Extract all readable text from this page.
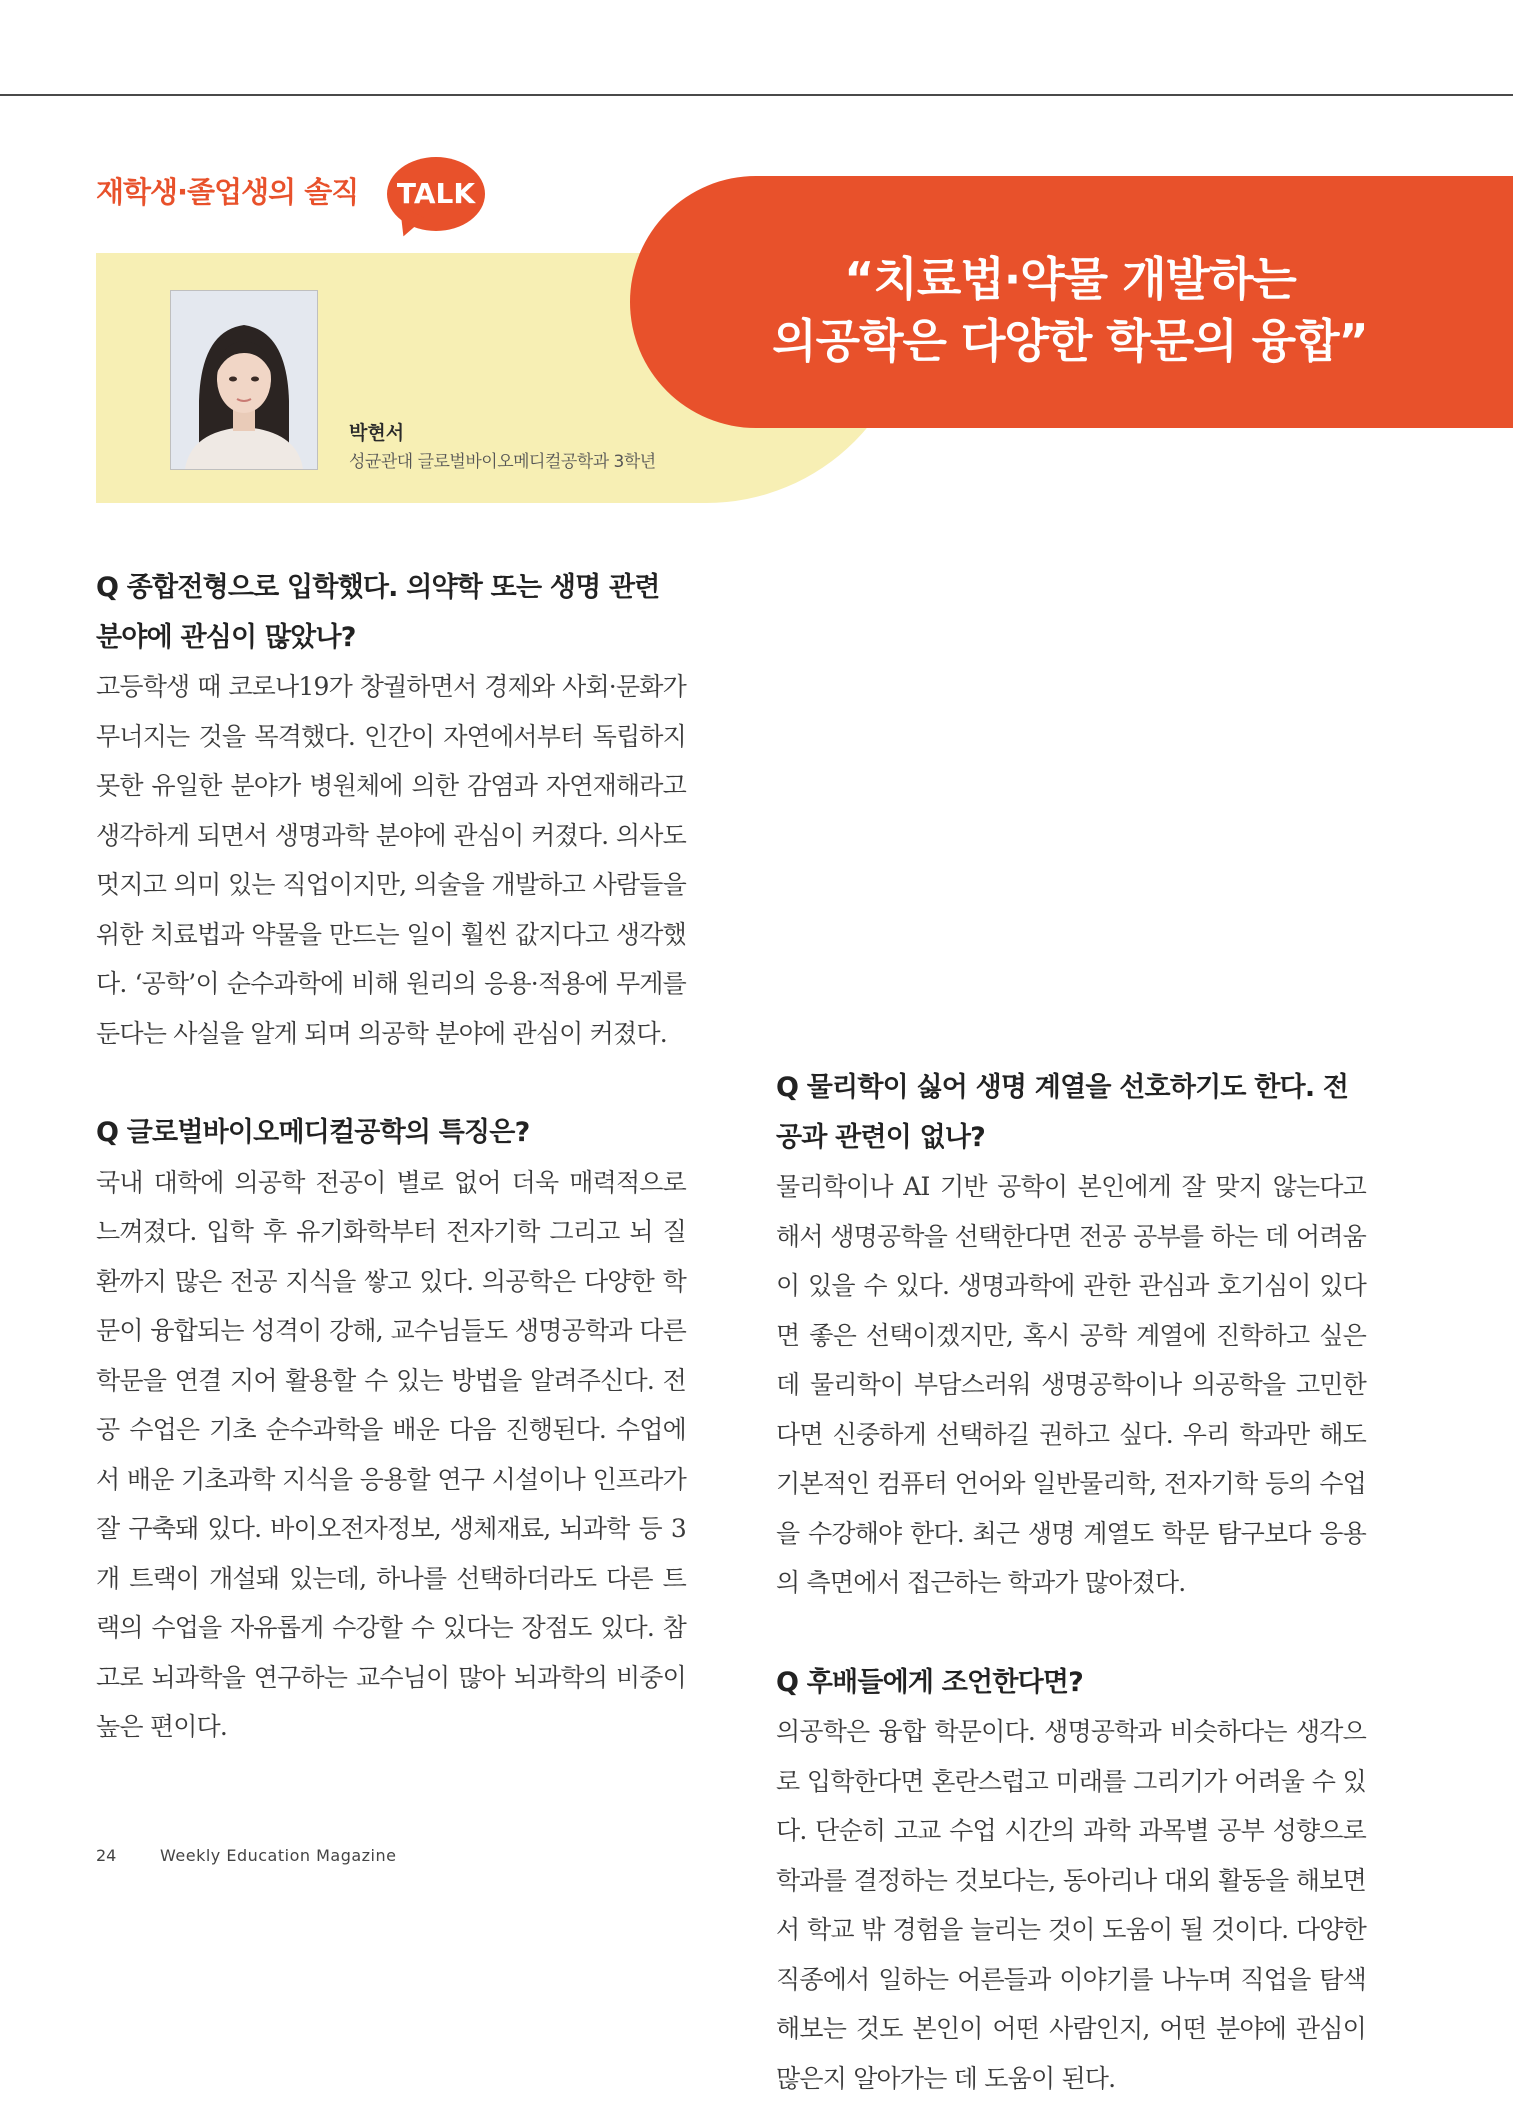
재학생·졸업생의 솔직	TALK
“치료법·약물 개발하는
의공학은 다양한 학문의 융합”
박현서
성균관대 글로벌바이오메디컬공학과 3학년

Q 종합전형으로 입학했다. 의약학 또는 생명 관련 분야에 관심이 많았나?

고등학생 때 코로나19가 창궐하면서 경제와 사회·문화가 무너지는 것을 목격했다. 인간이 자연에서부터 독립하지 못한 유일한 분야가 병원체에 의한 감염과 자연재해라고 생각하게 되면서 생명과학 분야에 관심이 커졌다. 의사도 멋지고 의미 있는 직업이지만, 의술을 개발하고 사람들을 위한 치료법과 약물을 만드는 일이 훨씬 값지다고 생각했다. ‘공학’이 순수과학에 비해 원리의 응용·적용에 무게를 둔다는 사실을 알게 되며 의공학 분야에 관심이 커졌다.

Q 글로벌바이오메디컬공학의 특징은?

국내 대학에 의공학 전공이 별로 없어 더욱 매력적으로 느껴졌다. 입학 후 유기화학부터 전자기학 그리고 뇌 질환까지 많은 전공 지식을 쌓고 있다. 의공학은 다양한 학문이 융합되는 성격이 강해, 교수님들도 생명공학과 다른 학문을 연결 지어 활용할 수 있는 방법을 알려주신다. 전공 수업은 기초 순수과학을 배운 다음 진행된다. 수업에서 배운 기초과학 지식을 응용할 연구 시설이나 인프라가 잘 구축돼 있다. 바이오전자정보, 생체재료, 뇌과학 등 3개 트랙이 개설돼 있는데, 하나를 선택하더라도 다른 트랙의 수업을 자유롭게 수강할 수 있다는 장점도 있다. 참고로 뇌과학을 연구하는 교수님이 많아 뇌과학의 비중이 높은 편이다.

Q 물리학이 싫어 생명 계열을 선호하기도 한다. 전공과 관련이 없나?

물리학이나 AI 기반 공학이 본인에게 잘 맞지 않는다고 해서 생명공학을 선택한다면 전공 공부를 하는 데 어려움이 있을 수 있다. 생명과학에 관한 관심과 호기심이 있다면 좋은 선택이겠지만, 혹시 공학 계열에 진학하고 싶은데 물리학이 부담스러워 생명공학이나 의공학을 고민한다면 신중하게 선택하길 권하고 싶다. 우리 학과만 해도 기본적인 컴퓨터 언어와 일반물리학, 전자기학 등의 수업을 수강해야 한다. 최근 생명 계열도 학문 탐구보다 응용의 측면에서 접근하는 학과가 많아졌다.

Q 후배들에게 조언한다면?

의공학은 융합 학문이다. 생명공학과 비슷하다는 생각으로 입학한다면 혼란스럽고 미래를 그리기가 어려울 수 있다. 단순히 고교 수업 시간의 과학 과목별 공부 성향으로 학과를 결정하는 것보다는, 동아리나 대외 활동을 해보면서 학교 밖 경험을 늘리는 것이 도움이 될 것이다. 다양한 직종에서 일하는 어른들과 이야기를 나누며 직업을 탐색해보는 것도 본인이 어떤 사람인지, 어떤 분야에 관심이 많은지 알아가는 데 도움이 된다.

24	Weekly Education Magazine
